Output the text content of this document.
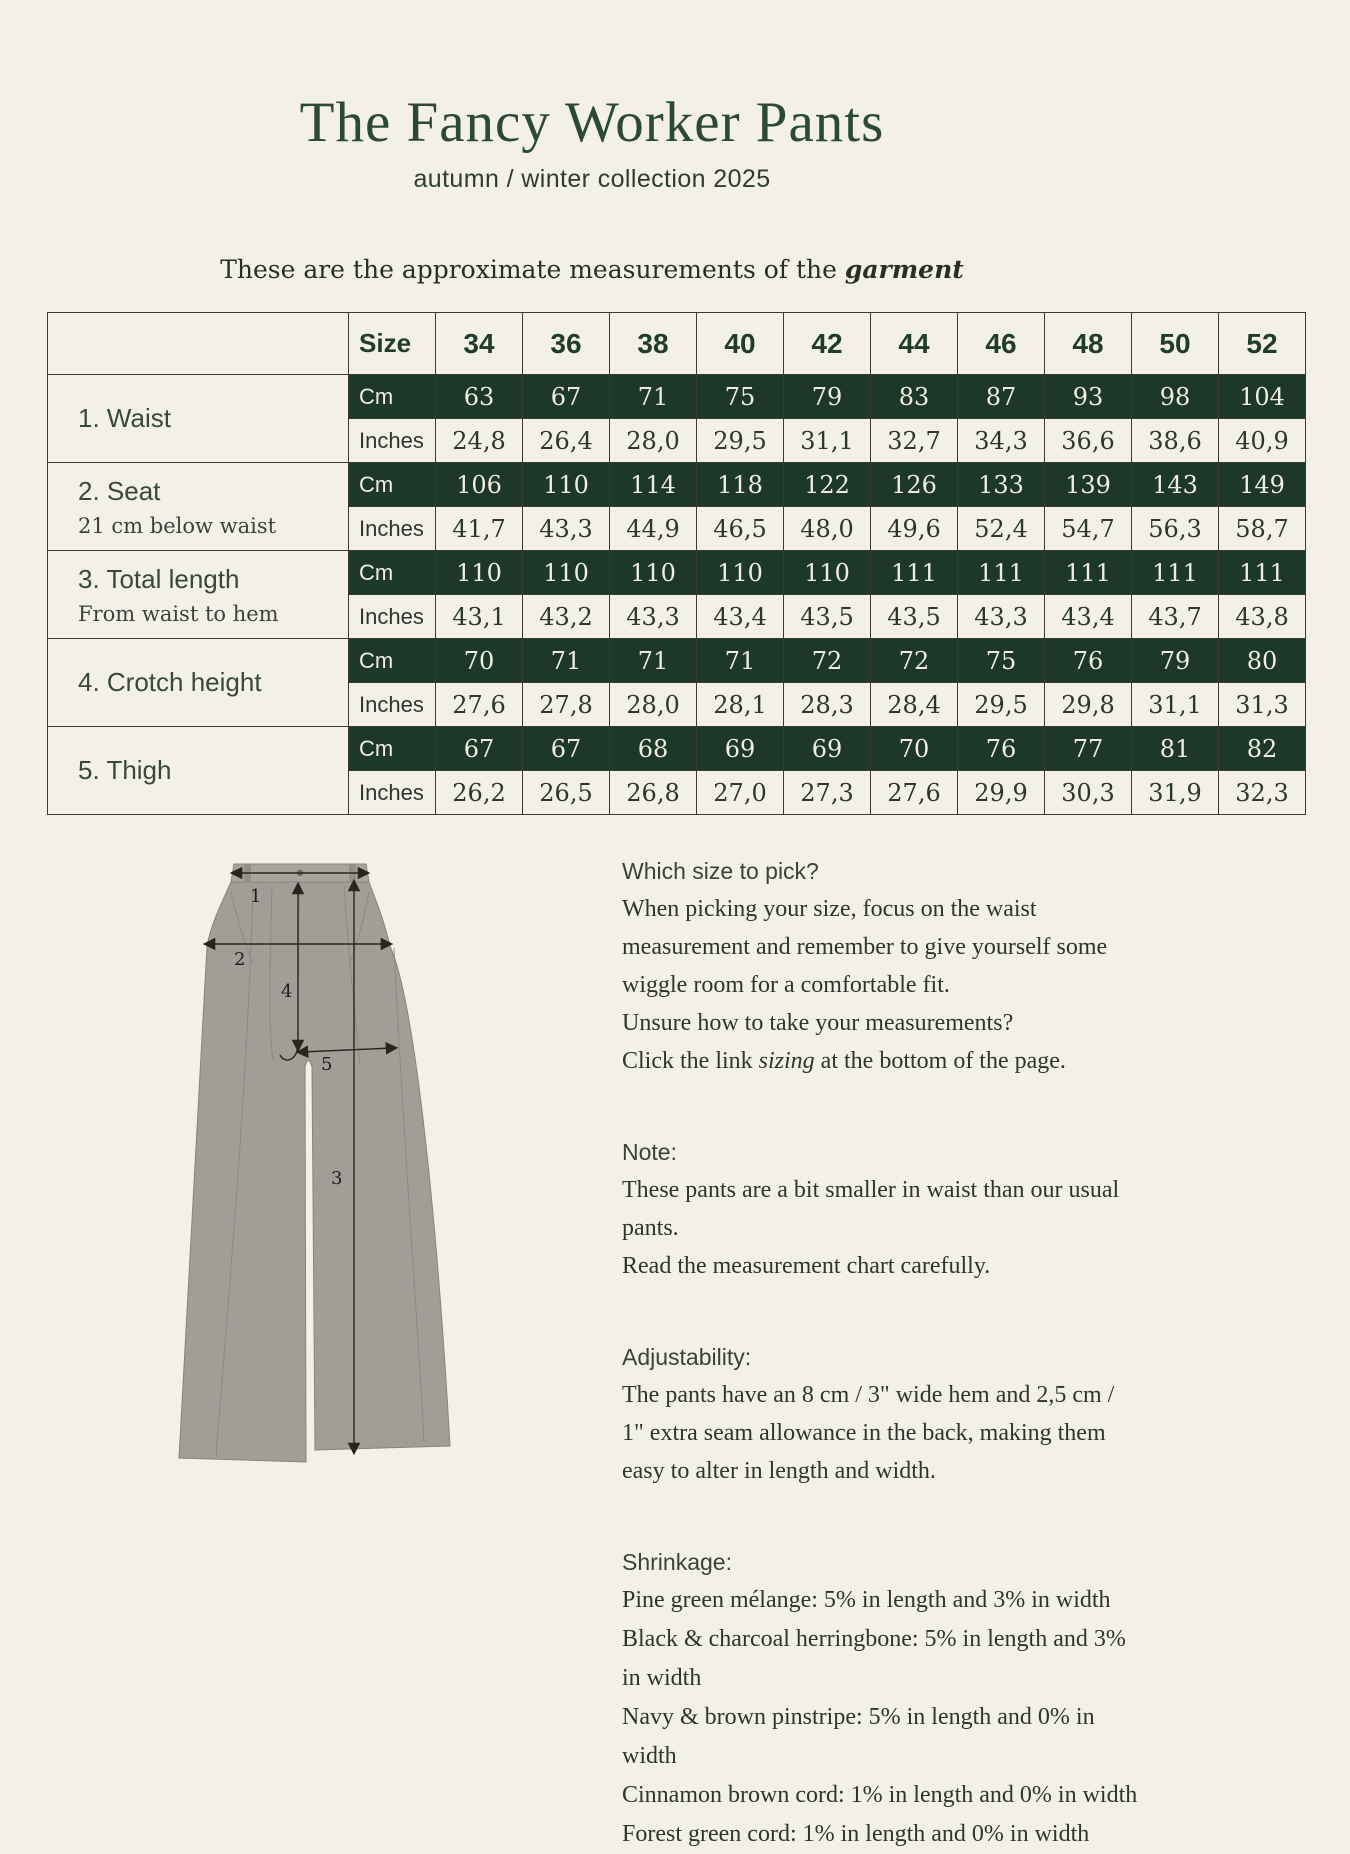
The Fancy Worker Pants
autumn / winter collection 2025
These are the approximate measurements of the garment
	Size	34	36	38	40	42	44	46	48	50	52

1. Waist	Cm	63	67	71	75	79	83	87	93	98	104
	Inches	24,8	26,4	28,0	29,5	31,1	32,7	34,3	36,6	38,6	40,9

2. Seat
21 cm below waist	Cm	106	110	114	118	122	126	133	139	143	149
	Inches	41,7	43,3	44,9	46,5	48,0	49,6	52,4	54,7	56,3	58,7

3. Total length
From waist to hem	Cm	110	110	110	110	110	111	111	111	111	111
	Inches	43,1	43,2	43,3	43,4	43,5	43,5	43,3	43,4	43,7	43,8

4. Crotch height	Cm	70	71	71	71	72	72	75	76	79	80
	Inches	27,6	27,8	28,0	28,1	28,3	28,4	29,5	29,8	31,1	31,3

5. Thigh	Cm	67	67	68	69	69	70	76	77	81	82
	Inches	26,2	26,5	26,8	27,0	27,3	27,6	29,9	30,3	31,9	32,3
1
2
4
5
3
Which size to pick?

When picking your size, focus on the waist measurement and remember to give yourself some wiggle room for a comfortable fit.

Unsure how to take your measurements?

Click the link sizing at the bottom of the page.

Note:

These pants are a bit smaller in waist than our usual pants.

Read the measurement chart carefully.

Adjustability:

The pants have an 8 cm / 3" wide hem and 2,5 cm / 1" extra seam allowance in the back, making them easy to alter in length and width.

Shrinkage:

Pine green mélange: 5% in length and 3% in width

Black & charcoal herringbone: 5% in length and 3% in width

Navy & brown pinstripe: 5% in length and 0% in width

Cinnamon brown cord: 1% in length and 0% in width

Forest green cord: 1% in length and 0% in width
